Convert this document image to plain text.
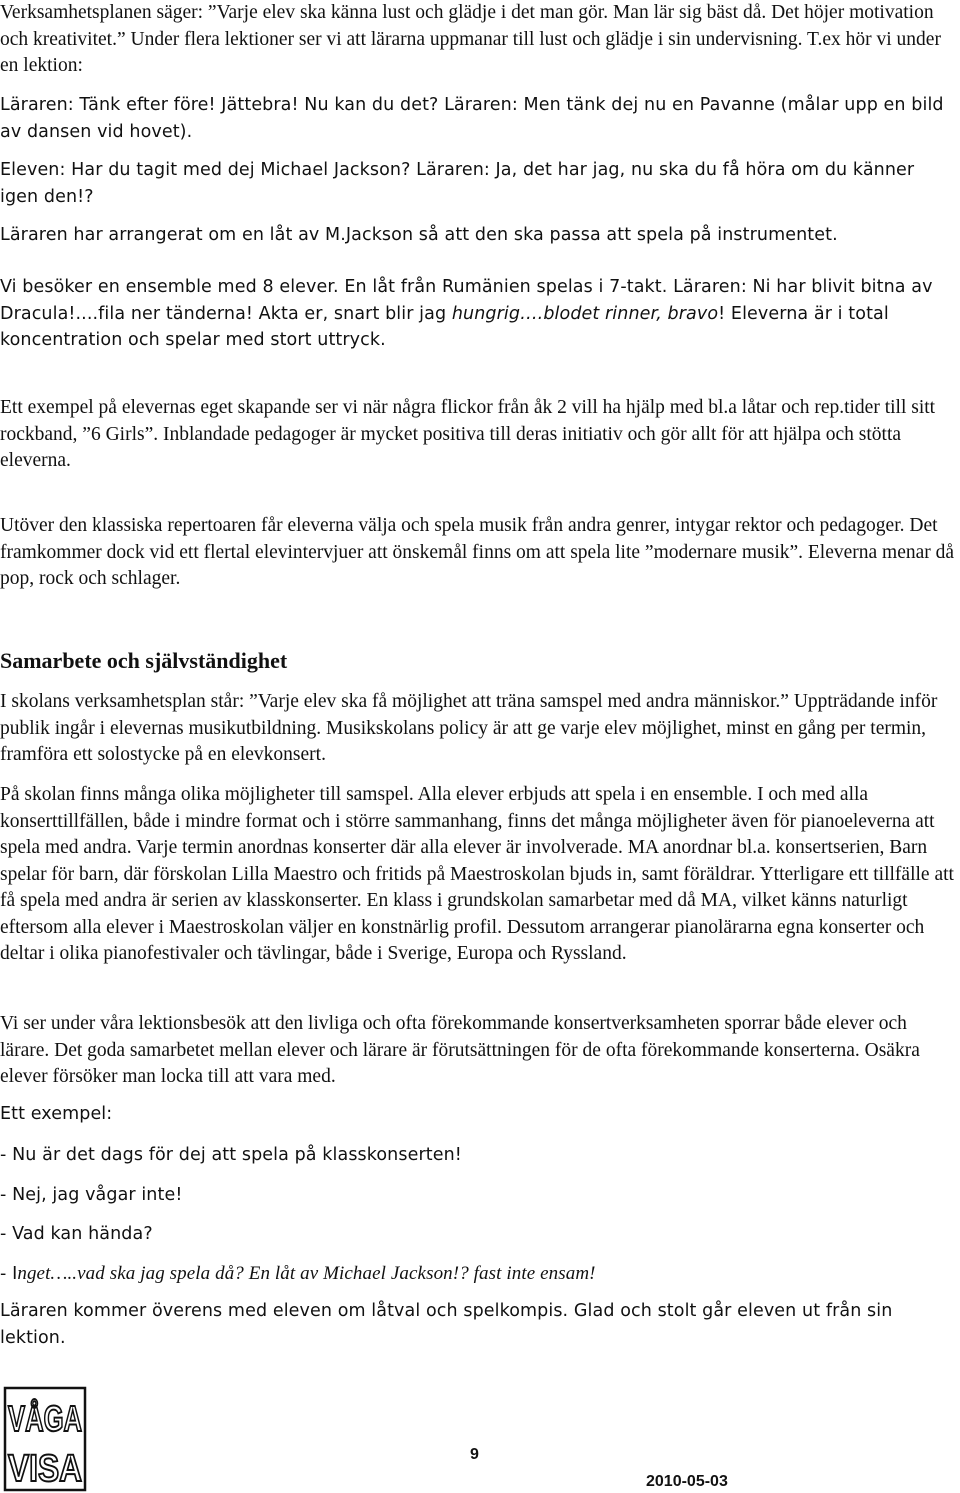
Verksamhetsplanen säger: ”Varje elev ska känna lust och glädje i det man gör. Man lär sig bäst då. Det höjer motivation och kreativitet.” Under flera lektioner ser vi att lärarna uppmanar till lust och glädje i sin undervisning. T.ex hör vi under en lektion:

Läraren: Tänk efter före! Jättebra! Nu kan du det? Läraren: Men tänk dej nu en Pavanne (målar upp en bild av dansen vid hovet).

Eleven: Har du tagit med dej Michael Jackson? Läraren: Ja, det har jag, nu ska du få höra om du känner igen den!?

Läraren har arrangerat om en låt av M.Jackson så att den ska passa att spela på instrumentet.

Vi besöker en ensemble med 8 elever. En låt från Rumänien spelas i 7-takt. Läraren: Ni har blivit bitna av Dracula!....fila ner tänderna! Akta er, snart blir jag hungrig….blodet rinner, bravo! Eleverna är i total koncentration och spelar med stort uttryck.

Ett exempel på elevernas eget skapande ser vi när några flickor från åk 2 vill ha hjälp med bl.a låtar och rep.tider till sitt rockband, ”6 Girls”. Inblandade pedagoger är mycket positiva till deras initiativ och gör allt för att hjälpa och stötta eleverna.

Utöver den klassiska repertoaren får eleverna välja och spela musik från andra genrer, intygar rektor och pedagoger. Det framkommer dock vid ett flertal elevintervjuer att önskemål finns om att spela lite ”modernare musik”. Eleverna menar då pop, rock och schlager.

Samarbete och självständighet

I skolans verksamhetsplan står: ”Varje elev ska få möjlighet att träna samspel med andra människor.” Uppträdande inför publik ingår i elevernas musikutbildning. Musikskolans policy är att ge varje elev möjlighet, minst en gång per termin, framföra ett solostycke på en elevkonsert.

På skolan finns många olika möjligheter till samspel. Alla elever erbjuds att spela i en ensemble. I och med alla konserttillfällen, både i mindre format och i större sammanhang, finns det många möjligheter även för pianoeleverna att spela med andra. Varje termin anordnas konserter där alla elever är involverade. MA anordnar bl.a. konsertserien, Barn spelar för barn, där förskolan Lilla Maestro och fritids på Maestroskolan bjuds in, samt föräldrar. Ytterligare ett tillfälle att få spela med andra är serien av klasskonserter. En klass i grundskolan samarbetar med då MA, vilket känns naturligt eftersom alla elever i Maestroskolan väljer en konstnärlig profil. Dessutom arrangerar pianolärarna egna konserter och deltar i olika pianofestivaler och tävlingar, både i Sverige, Europa och Ryssland.

Vi ser under våra lektionsbesök att den livliga och ofta förekommande konsertverksamheten sporrar både elever och lärare. Det goda samarbetet mellan elever och lärare är förutsättningen för de ofta förekommande konserterna. Osäkra elever försöker man locka till att vara med.

Ett exempel:

- Nu är det dags för dej att spela på klasskonserten!

- Nej, jag vågar inte!

- Vad kan hända?

- Inget…..vad ska jag spela då? En låt av Michael Jackson!? fast inte ensam!

Läraren kommer överens med eleven om låtval och spelkompis. Glad och stolt går eleven ut från sin lektion.

VÅGA
VISA	9
2010-05-03
